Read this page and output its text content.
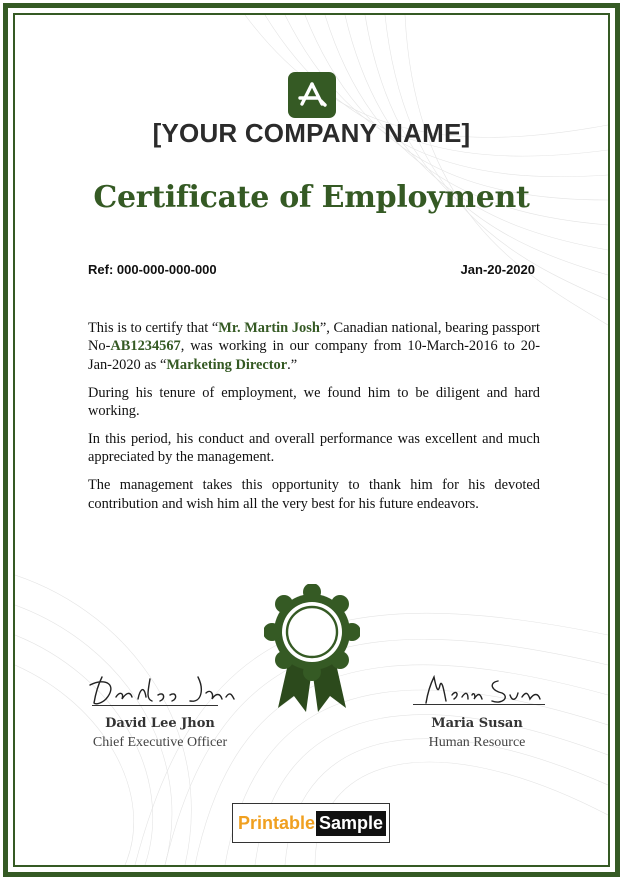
[YOUR COMPANY NAME]
Certificate of Employment
Ref: 000-000-000-000	Jan-20-2020

This is to certify that “Mr. Martin Josh”, Canadian national, bearing passport No-AB1234567, was working in our company from 10-March-2016 to 20-Jan-2020 as “Marketing Director.”

During his tenure of employment, we found him to be diligent and hard working.

In this period, his conduct and overall performance was excellent and much appreciated by the management.

The management takes this opportunity to thank him for his devoted contribution and wish him all the very best for his future endeavors.

David Lee Jhon
Chief Executive Officer
Maria Susan
Human Resource
Printable Sample
